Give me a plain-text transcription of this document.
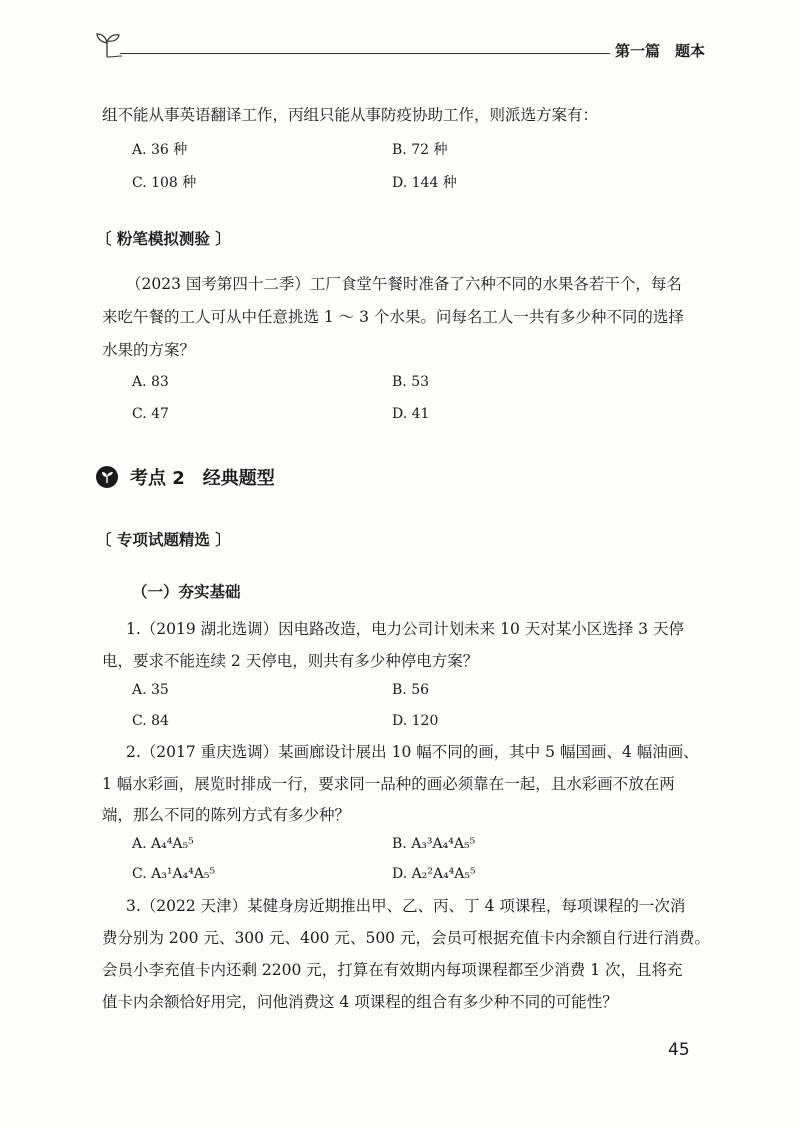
第一篇　题本
组不能从事英语翻译工作，丙组只能从事防疫协助工作，则派选方案有：
A. 36 种	B. 72 种
C. 108 种	D. 144 种
〔 粉笔模拟测验 〕
（2023 国考第四十二季）工厂食堂午餐时准备了六种不同的水果各若干个，每名
来吃午餐的工人可从中任意挑选 1 ～ 3 个水果。问每名工人一共有多少种不同的选择
水果的方案？
A. 83	B. 53
C. 47	D. 41
考点 2　经典题型
〔 专项试题精选 〕
（一）夯实基础
1.（2019 湖北选调）因电路改造，电力公司计划未来 10 天对某小区选择 3 天停
电，要求不能连续 2 天停电，则共有多少种停电方案？
A. 35	B. 56
C. 84	D. 120
2.（2017 重庆选调）某画廊设计展出 10 幅不同的画，其中 5 幅国画、4 幅油画、
1 幅水彩画，展览时排成一行，要求同一品种的画必须靠在一起，且水彩画不放在两
端，那么不同的陈列方式有多少种？
A. A₄⁴A₅⁵	B. A₃³A₄⁴A₅⁵
C. A₃¹A₄⁴A₅⁵	D. A₂²A₄⁴A₅⁵
3.（2022 天津）某健身房近期推出甲、乙、丙、丁 4 项课程，每项课程的一次消
费分别为 200 元、300 元、400 元、500 元，会员可根据充值卡内余额自行进行消费。
会员小李充值卡内还剩 2200 元，打算在有效期内每项课程都至少消费 1 次，且将充
值卡内余额恰好用完，问他消费这 4 项课程的组合有多少种不同的可能性？
45
